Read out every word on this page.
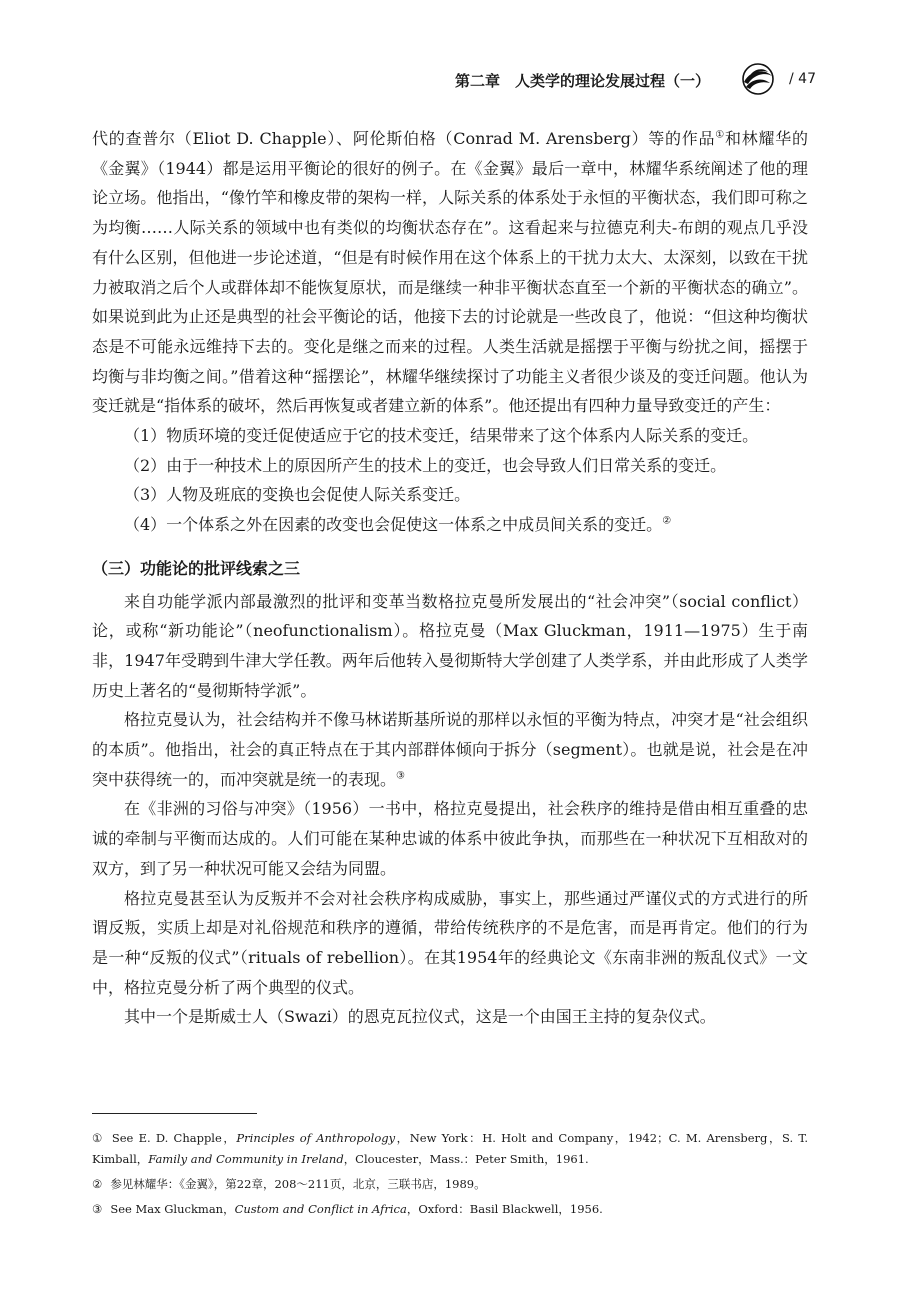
第二章　人类学的理论发展过程（一）	/ 47

代的查普尔（Eliot D. Chapple）、阿伦斯伯格（Conrad M. Arensberg）等的作品①和林耀华的《金翼》（1944）都是运用平衡论的很好的例子。在《金翼》最后一章中，林耀华系统阐述了他的理论立场。他指出，“像竹竿和橡皮带的架构一样，人际关系的体系处于永恒的平衡状态，我们即可称之为均衡……人际关系的领域中也有类似的均衡状态存在”。这看起来与拉德克利夫-布朗的观点几乎没有什么区别，但他进一步论述道，“但是有时候作用在这个体系上的干扰力太大、太深刻，以致在干扰力被取消之后个人或群体却不能恢复原状，而是继续一种非平衡状态直至一个新的平衡状态的确立”。如果说到此为止还是典型的社会平衡论的话，他接下去的讨论就是一些改良了，他说：“但这种均衡状态是不可能永远维持下去的。变化是继之而来的过程。人类生活就是摇摆于平衡与纷扰之间，摇摆于均衡与非均衡之间。”借着这种“摇摆论”，林耀华继续探讨了功能主义者很少谈及的变迁问题。他认为变迁就是“指体系的破坏，然后再恢复或者建立新的体系”。他还提出有四种力量导致变迁的产生：

（1）物质环境的变迁促使适应于它的技术变迁，结果带来了这个体系内人际关系的变迁。

（2）由于一种技术上的原因所产生的技术上的变迁，也会导致人们日常关系的变迁。

（3）人物及班底的变换也会促使人际关系变迁。

（4）一个体系之外在因素的改变也会促使这一体系之中成员间关系的变迁。②

（三）功能论的批评线索之三

来自功能学派内部最激烈的批评和变革当数格拉克曼所发展出的“社会冲突”（social conflict）论，或称“新功能论”（neofunctionalism）。格拉克曼（Max Gluckman，1911—1975）生于南非，1947年受聘到牛津大学任教。两年后他转入曼彻斯特大学创建了人类学系，并由此形成了人类学历史上著名的“曼彻斯特学派”。

格拉克曼认为，社会结构并不像马林诺斯基所说的那样以永恒的平衡为特点，冲突才是“社会组织的本质”。他指出，社会的真正特点在于其内部群体倾向于拆分（segment）。也就是说，社会是在冲突中获得统一的，而冲突就是统一的表现。③

在《非洲的习俗与冲突》（1956）一书中，格拉克曼提出，社会秩序的维持是借由相互重叠的忠诚的牵制与平衡而达成的。人们可能在某种忠诚的体系中彼此争执，而那些在一种状况下互相敌对的双方，到了另一种状况可能又会结为同盟。

格拉克曼甚至认为反叛并不会对社会秩序构成威胁，事实上，那些通过严谨仪式的方式进行的所谓反叛，实质上却是对礼俗规范和秩序的遵循，带给传统秩序的不是危害，而是再肯定。他们的行为是一种“反叛的仪式”（rituals of rebellion）。在其1954年的经典论文《东南非洲的叛乱仪式》一文中，格拉克曼分析了两个典型的仪式。

其中一个是斯威士人（Swazi）的恩克瓦拉仪式，这是一个由国王主持的复杂仪式。

① See E. D. Chapple，Principles of Anthropology，New York：H. Holt and Company，1942；C. M. Arensberg，S. T. Kimball，Family and Community in Ireland，Cloucester，Mass.：Peter Smith，1961.

② 参见林耀华：《金翼》，第22章，208～211页，北京，三联书店，1989。

③ See Max Gluckman，Custom and Conflict in Africa，Oxford：Basil Blackwell，1956.
